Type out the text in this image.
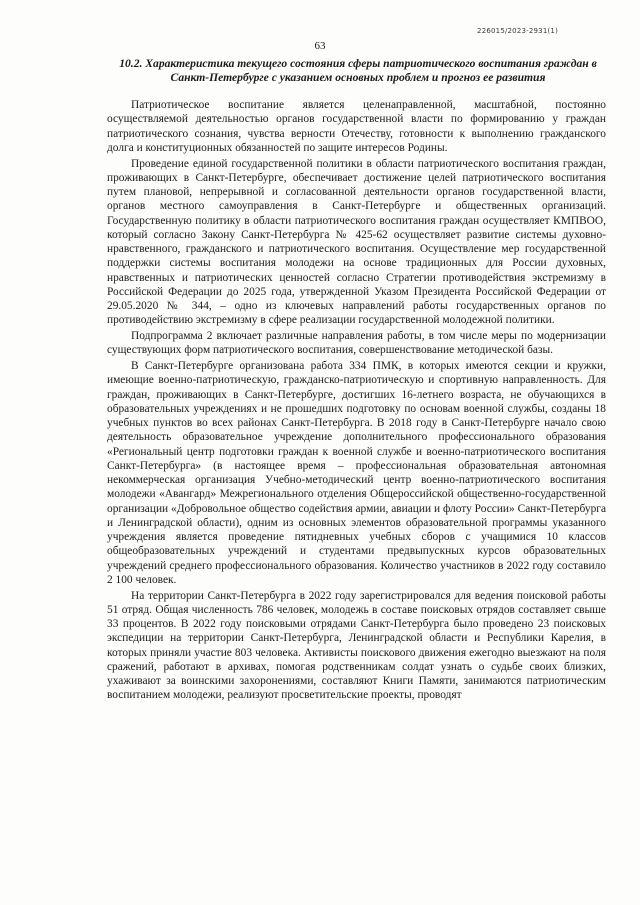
226015/2023-2931(1)
63
10.2. Характеристика текущего состояния сферы патриотического воспитания граждан в Санкт-Петербурге с указанием основных проблем и прогноз ее развития

Патриотическое воспитание является целенаправленной, масштабной, постоянно осуществляемой деятельностью органов государственной власти по формированию у граждан патриотического сознания, чувства верности Отечеству, готовности к выполнению гражданского долга и конституционных обязанностей по защите интересов Родины.

Проведение единой государственной политики в области патриотического воспитания граждан, проживающих в Санкт-Петербурге, обеспечивает достижение целей патриотического воспитания путем плановой, непрерывной и согласованной деятельности органов государственной власти, органов местного самоуправления в Санкт-Петербурге и общественных организаций. Государственную политику в области патриотического воспитания граждан осуществляет КМПВОО, который согласно Закону Санкт-Петербурга № 425-62 осуществляет развитие системы духовно-нравственного, гражданского и патриотического воспитания. Осуществление мер государственной поддержки системы воспитания молодежи на основе традиционных для России духовных, нравственных и патриотических ценностей согласно Стратегии противодействия экстремизму в Российской Федерации до 2025 года, утвержденной Указом Президента Российской Федерации от 29.05.2020 № 344, – одно из ключевых направлений работы государственных органов по противодействию экстремизму в сфере реализации государственной молодежной политики.

Подпрограмма 2 включает различные направления работы, в том числе меры по модернизации существующих форм патриотического воспитания, совершенствование методической базы.

В Санкт-Петербурге организована работа 334 ПМК, в которых имеются секции и кружки, имеющие военно-патриотическую, гражданско-патриотическую и спортивную направленность. Для граждан, проживающих в Санкт-Петербурге, достигших 16-летнего возраста, не обучающихся в образовательных учреждениях и не прошедших подготовку по основам военной службы, созданы 18 учебных пунктов во всех районах Санкт-Петербурга. В 2018 году в Санкт-Петербурге начало свою деятельность образовательное учреждение дополнительного профессионального образования «Региональный центр подготовки граждан к военной службе и военно-патриотического воспитания Санкт-Петербурга» (в настоящее время – профессиональная образовательная автономная некоммерческая организация Учебно-методический центр военно-патриотического воспитания молодежи «Авангард» Межрегионального отделения Общероссийской общественно-государственной организации «Добровольное общество содействия армии, авиации и флоту России» Санкт-Петербурга и Ленинградской области), одним из основных элементов образовательной программы указанного учреждения является проведение пятидневных учебных сборов с учащимися 10 классов общеобразовательных учреждений и студентами предвыпускных курсов образовательных учреждений среднего профессионального образования. Количество участников в 2022 году составило 2 100 человек.

На территории Санкт-Петербурга в 2022 году зарегистрировался для ведения поисковой работы 51 отряд. Общая численность 786 человек, молодежь в составе поисковых отрядов составляет свыше 33 процентов. В 2022 году поисковыми отрядами Санкт-Петербурга было проведено 23 поисковых экспедиции на территории Санкт-Петербурга, Ленинградской области и Республики Карелия, в которых приняли участие 803 человека. Активисты поискового движения ежегодно выезжают на поля сражений, работают в архивах, помогая родственникам солдат узнать о судьбе своих близких, ухаживают за воинскими захоронениями, составляют Книги Памяти, занимаются патриотическим воспитанием молодежи, реализуют просветительские проекты, проводят
